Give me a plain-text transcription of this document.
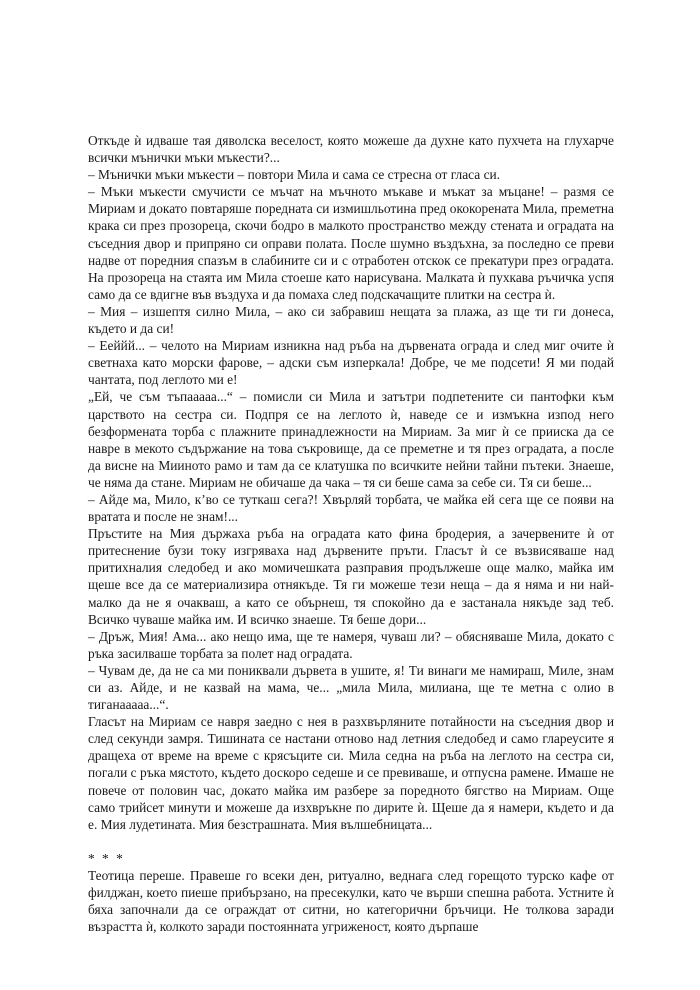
Откъде ѝ идваше тая дяволска веселост, която можеше да духне като пухчета на глухарче всички мънички мъки мъкести?...

– Мънички мъки мъкести – повтори Мила и сама се стресна от гласа си.

– Мъки мъкести смучисти се мъчат на мъчното мъкаве и мъкат за мъцане! – размя се Мириам и докато повтаряше поредната си измишльотина пред ококорената Мила, преметна крака си през прозореца, скочи бодро в малкото пространство между стената и оградата на съседния двор и припряно си оправи полата. После шумно въздъхна, за последно се преви надве от поредния спазъм в слабините си и с отработен отскок се прекатури през оградата. На прозореца на стаята им Мила стоеше като нарисувана. Малката ѝ пухкава ръчичка успя само да се вдигне във въздуха и да помаха след подскачащите плитки на сестра ѝ.

– Мия – изшептя силно Мила, – ако си забравиш нещата за плажа, аз ще ти ги донеса, където и да си!

– Ееййй... – челото на Мириам изникна над ръба на дървената ограда и след миг очите ѝ светнаха като морски фарове, – адски съм изперкала! Добре, че ме подсети! Я ми подай чантата, под леглото ми е!

„Ей, че съм тъпааааа...“ – помисли си Мила и затътри подпетените си пантофки към царството на сестра си. Подпря се на леглото ѝ, наведе се и измъкна изпод него безформената торба с плажните принадлежности на Мириам. За миг ѝ се прииска да се навре в мекото съдържание на това съкровище, да се преметне и тя през оградата, а после да висне на Мииното рамо и там да се клатушка по всичките нейни тайни пътеки. Знаеше, че няма да стане. Мириам не обичаше да чака – тя си беше сама за себе си. Тя си беше...

– Айде ма, Мило, к’во се туткаш сега?! Хвърляй торбата, че майка ей сега ще се появи на вратата и после не знам!...

Пръстите на Мия държаха ръба на оградата като фина бродерия, а зачервените ѝ от притеснение бузи току изгряваха над дървените пръти. Гласът ѝ се възвисяваше над притихналия следобед и ако момичешката разправия продължеше още малко, майка им щеше все да се материализира отнякъде. Тя ги можеше тези неща – да я няма и ни най-малко да не я очакваш, а като се обърнеш, тя спокойно да е застанала някъде зад теб. Всичко чуваше майка им. И всичко знаеше. Тя беше дори...

– Дръж, Мия! Ама... ако нещо има, ще те намеря, чуваш ли? – обясняваше Мила, докато с ръка засилваше торбата за полет над оградата.

– Чувам де, да не са ми пониквали дървета в ушите, я! Ти винаги ме намираш, Миле, знам си аз. Айде, и не казвай на мама, че... „мила Мила, милиана, ще те метна с олио в тиганааааа...“.

Гласът на Мириам се навря заедно с нея в разхвърляните потайности на съседния двор и след секунди замря. Тишината се настани отново над летния следобед и само глареусите я дращеха от време на време с крясъците си. Мила седна на ръба на леглото на сестра си, погали с ръка мястото, където доскоро седеше и се превиваше, и отпусна рамене. Имаше не повече от половин час, докато майка им разбере за поредното бягство на Мириам. Още само трийсет минути и можеше да изхвръкне по дирите ѝ. Щеше да я намери, където и да е. Мия лудетината. Мия безстрашната. Мия вълшебницата...

* * *

Теотица переше. Правеше го всеки ден, ритуално, веднага след горещото турско кафе от филджан, което пиеше прибързано, на пресекулки, като че върши спешна работа. Устните ѝ бяха започнали да се ограждат от ситни, но категорични бръчици. Не толкова заради възрастта ѝ, колкото заради постоянната угриженост, която дърпаше
